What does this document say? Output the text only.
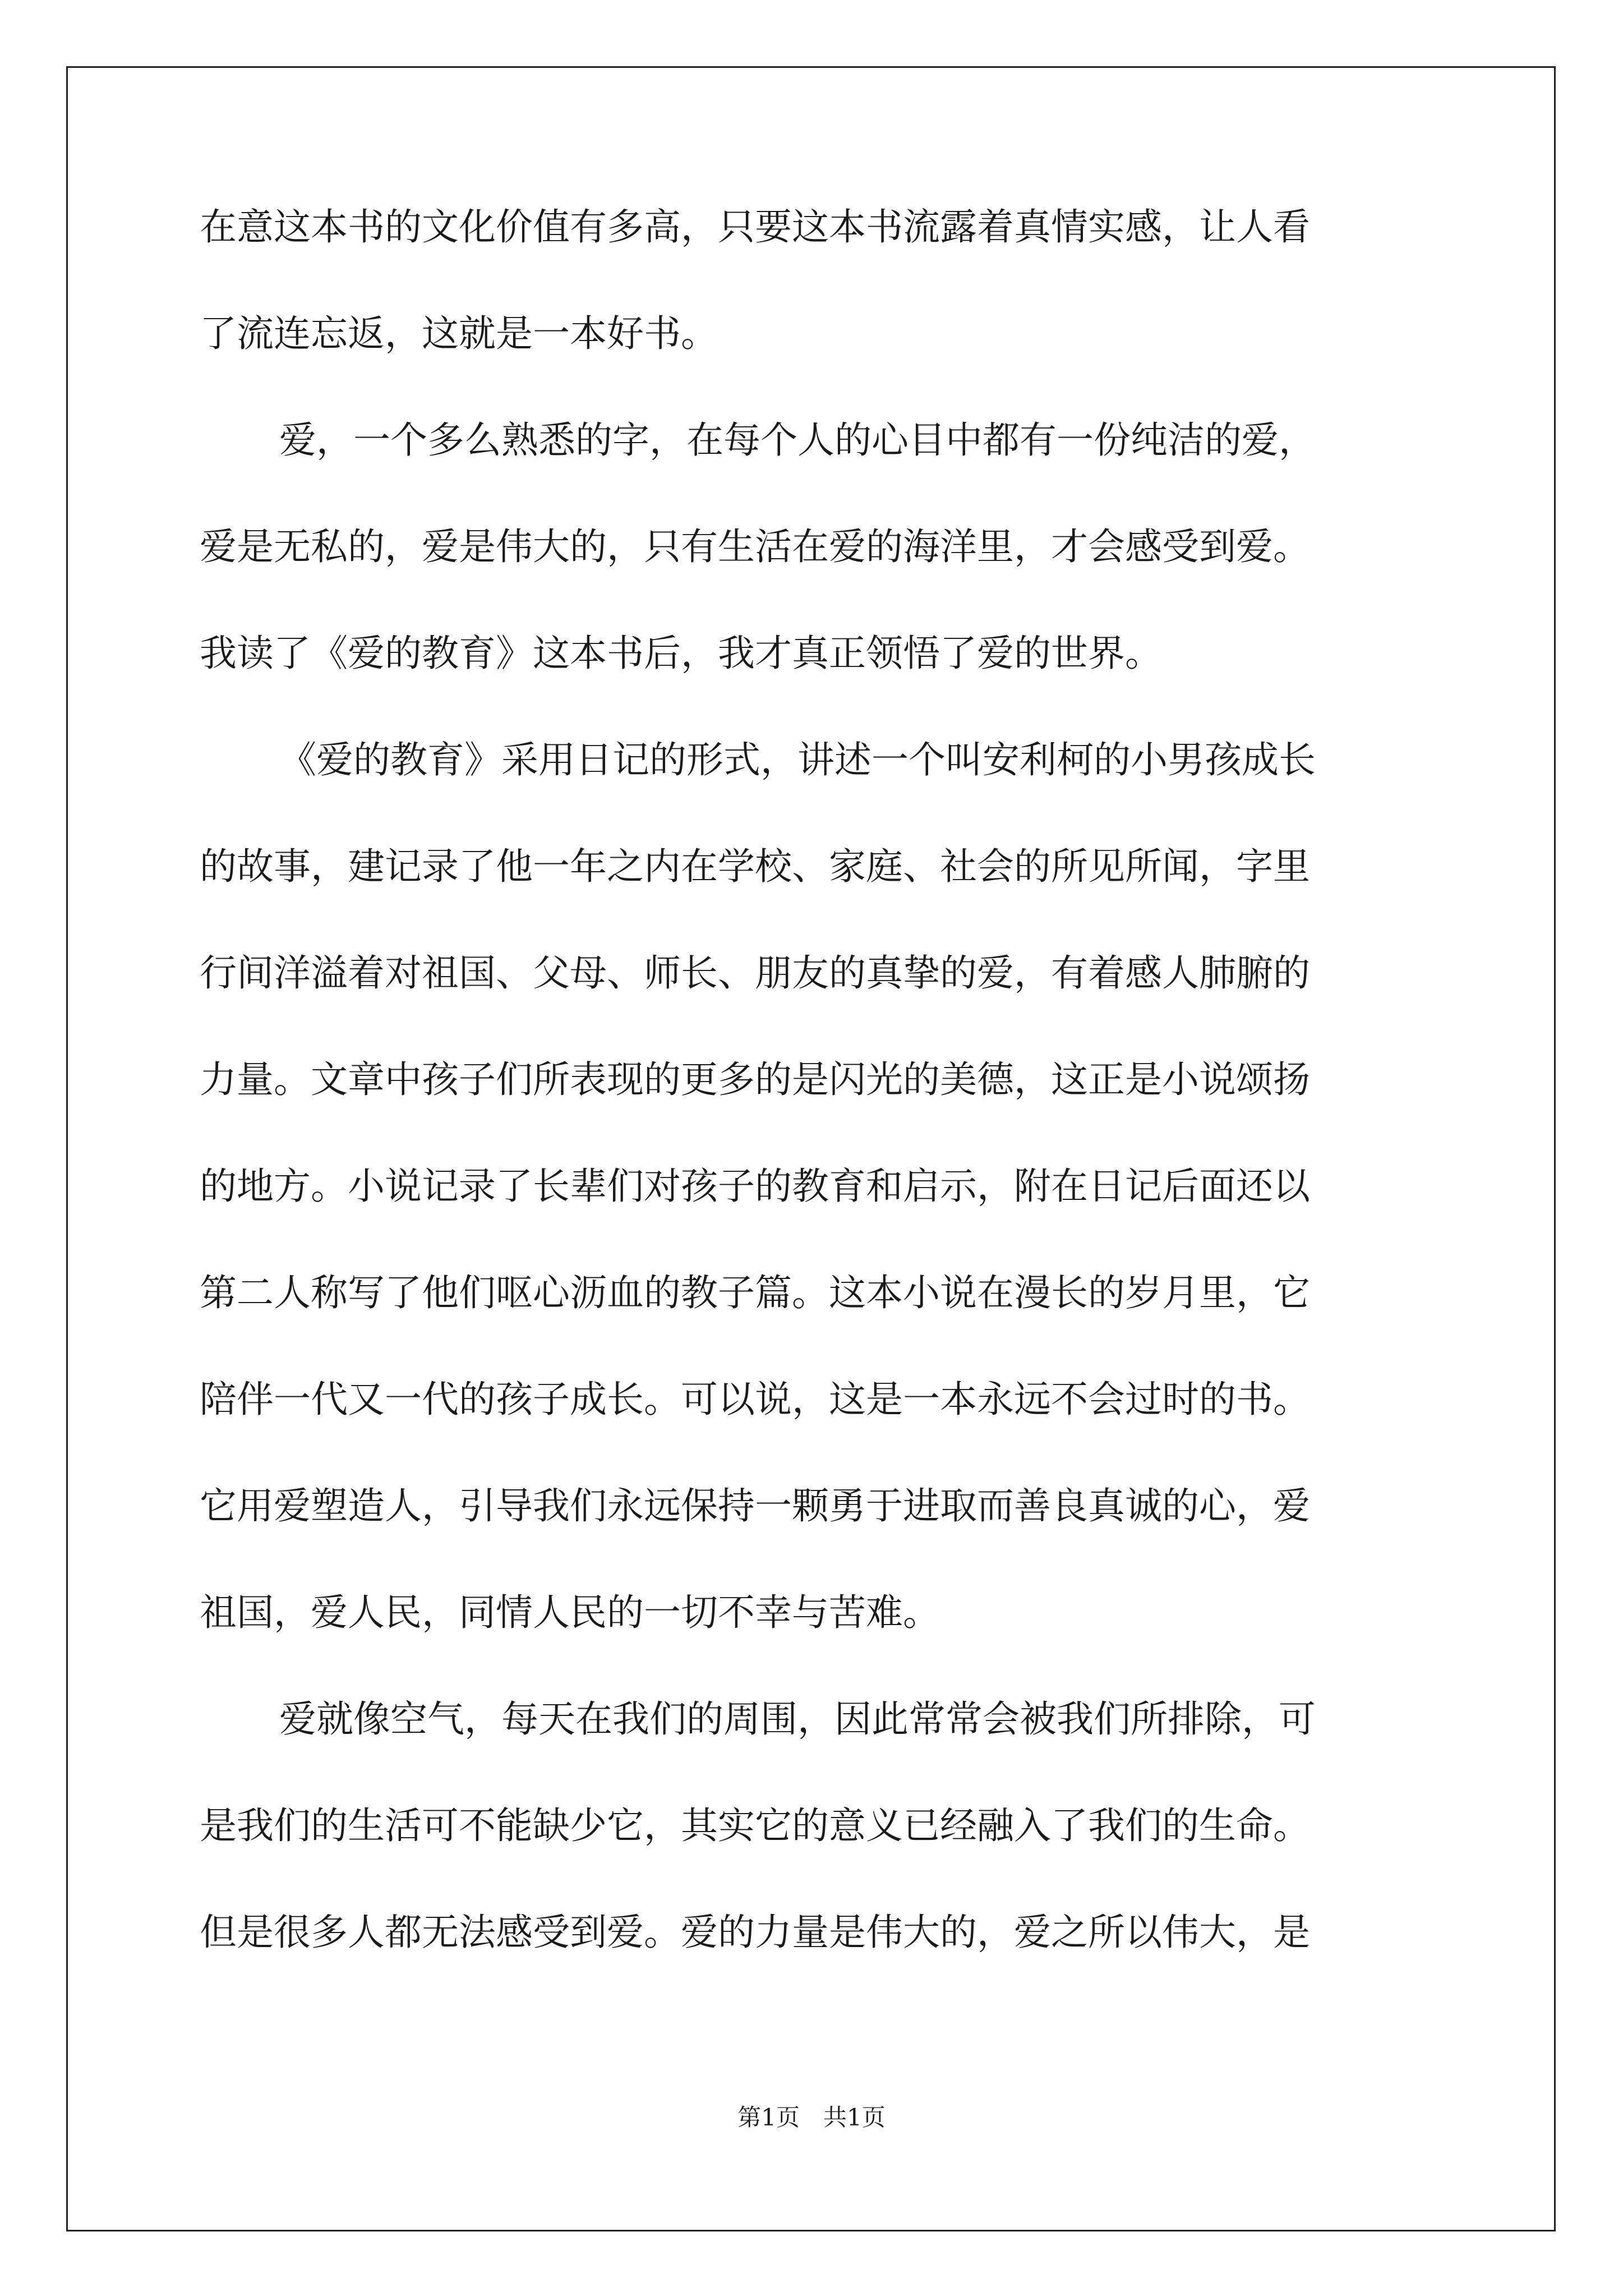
在意这本书的文化价值有多高，只要这本书流露着真情实感，让人看
了流连忘返，这就是一本好书。
爱，一个多么熟悉的字，在每个人的心目中都有一份纯洁的爱，
爱是无私的，爱是伟大的，只有生活在爱的海洋里，才会感受到爱。
我读了《爱的教育》这本书后，我才真正领悟了爱的世界。
《爱的教育》采用日记的形式，讲述一个叫安利柯的小男孩成长
的故事，建记录了他一年之内在学校、家庭、社会的所见所闻，字里
行间洋溢着对祖国、父母、师长、朋友的真挚的爱，有着感人肺腑的
力量。文章中孩子们所表现的更多的是闪光的美德，这正是小说颂扬
的地方。小说记录了长辈们对孩子的教育和启示，附在日记后面还以
第二人称写了他们呕心沥血的教子篇。这本小说在漫长的岁月里，它
陪伴一代又一代的孩子成长。可以说，这是一本永远不会过时的书。
它用爱塑造人，引导我们永远保持一颗勇于进取而善良真诚的心，爱
祖国，爱人民，同情人民的一切不幸与苦难。
爱就像空气，每天在我们的周围，因此常常会被我们所排除，可
是我们的生活可不能缺少它，其实它的意义已经融入了我们的生命。
但是很多人都无法感受到爱。爱的力量是伟大的，爱之所以伟大，是
第1页 共1页
